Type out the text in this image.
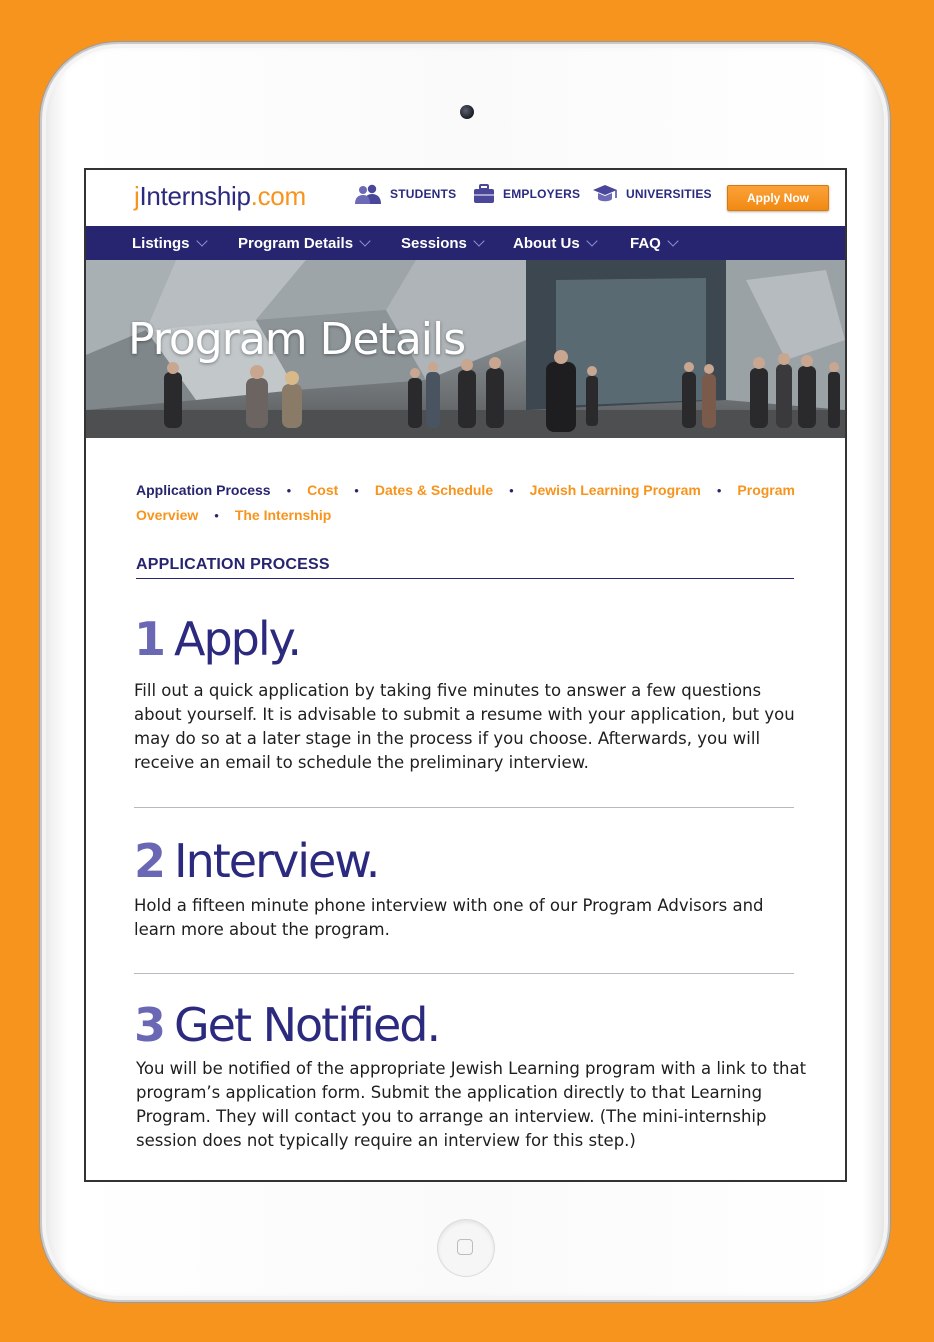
jInternship.com	STUDENTS	EMPLOYERS	UNIVERSITIES	Apply Now
Listings	Program Details	Sessions	About Us	FAQ
Program Details
Application Process • Cost • Dates & Schedule • Jewish Learning Program • Program Overview • The Internship
APPLICATION PROCESS
1 Apply.
Fill out a quick application by taking five minutes to answer a few questions about yourself. It is advisable to submit a resume with your application, but you may do so at a later stage in the process if you choose. Afterwards, you will receive an email to schedule the preliminary interview.
2 Interview.
Hold a fifteen minute phone interview with one of our Program Advisors and learn more about the program.
3 Get Notified.
You will be notified of the appropriate Jewish Learning program with a link to that program’s application form. Submit the application directly to that Learning Program. They will contact you to arrange an interview. (The mini-internship session does not typically require an interview for this step.)
